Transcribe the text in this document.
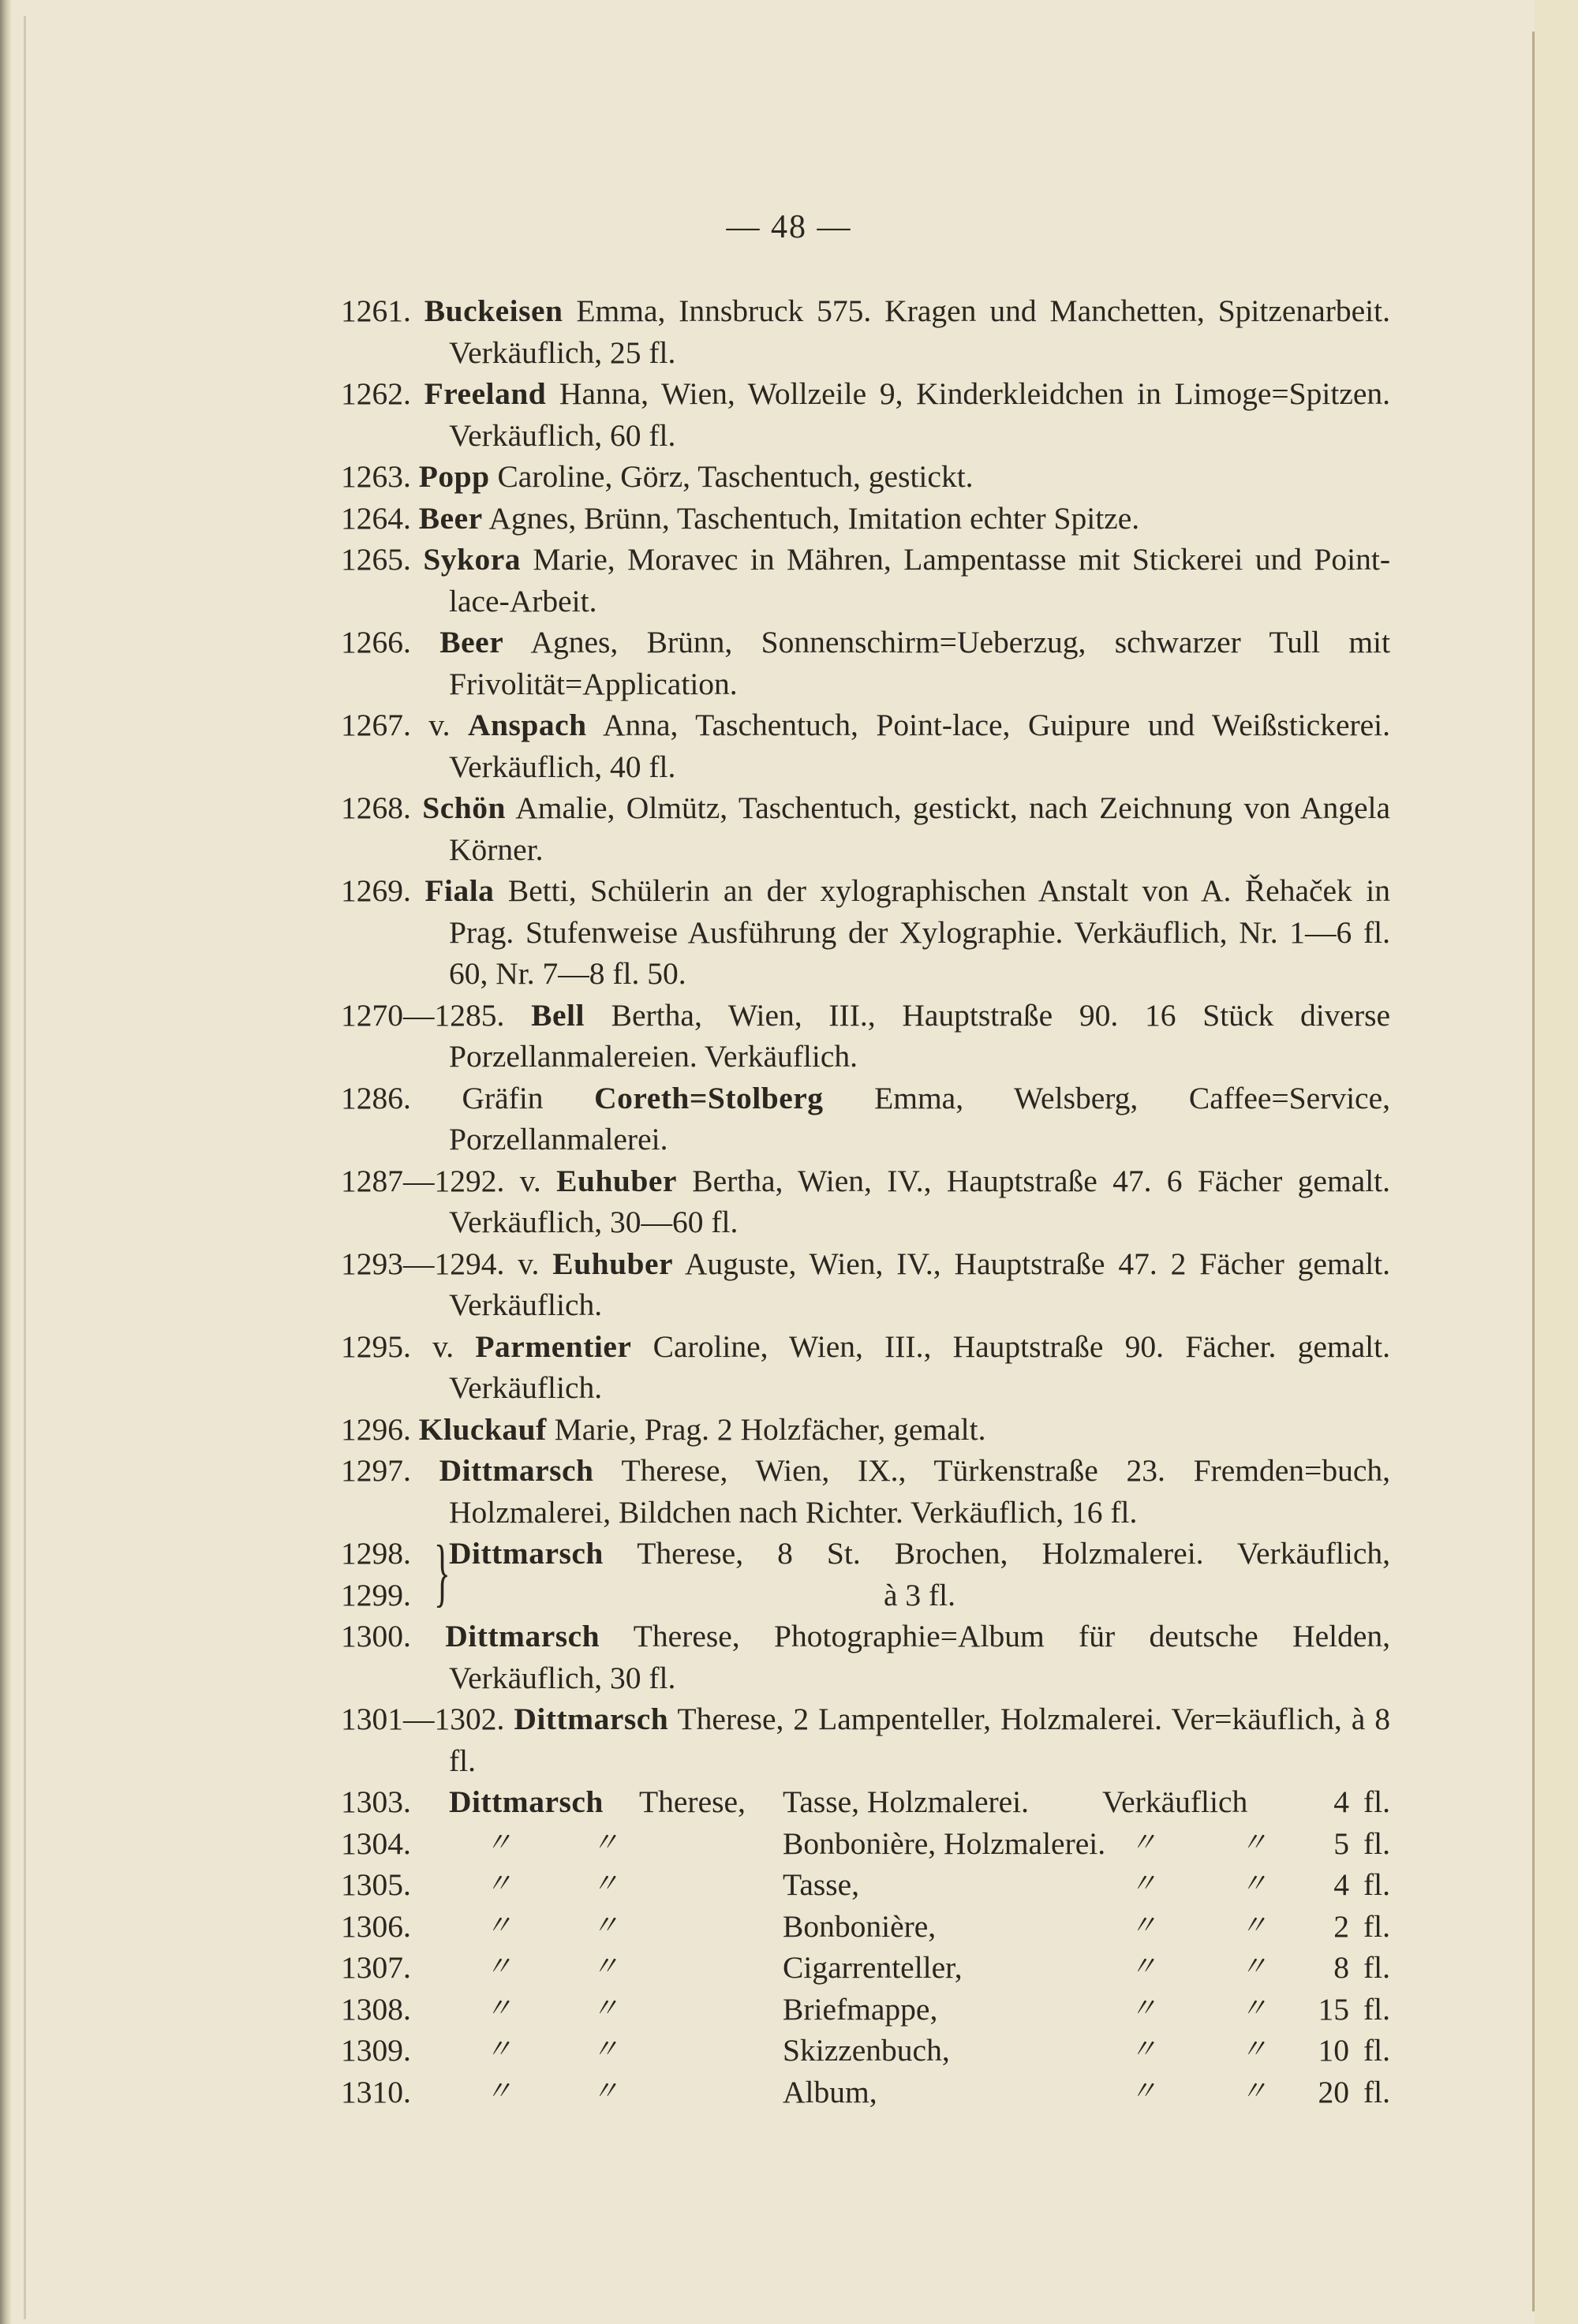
— 48 —
1261. Buckeisen Emma, Innsbruck 575. Kragen und Manchetten, Spitzenarbeit. Verkäuflich, 25 fl.
1262. Freeland Hanna, Wien, Wollzeile 9, Kinderkleidchen in Limoge=Spitzen. Verkäuflich, 60 fl.
1263. Popp Caroline, Görz, Taschentuch, gestickt.
1264. Beer Agnes, Brünn, Taschentuch, Imitation echter Spitze.
1265. Sykora Marie, Moravec in Mähren, Lampentasse mit Stickerei und Point-lace-Arbeit.
1266. Beer Agnes, Brünn, Sonnenschirm=Ueberzug, schwarzer Tull mit Frivolität=Application.
1267. v. Anspach Anna, Taschentuch, Point-lace, Guipure und Weißstickerei. Verkäuflich, 40 fl.
1268. Schön Amalie, Olmütz, Taschentuch, gestickt, nach Zeichnung von Angela Körner.
1269. Fiala Betti, Schülerin an der xylographischen Anstalt von A. Řehaček in Prag. Stufenweise Ausführung der Xylographie. Verkäuflich, Nr. 1—6 fl. 60, Nr. 7—8 fl. 50.
1270—1285. Bell Bertha, Wien, III., Hauptstraße 90. 16 Stück diverse Porzellanmalereien. Verkäuflich.
1286. Gräfin Coreth=Stolberg Emma, Welsberg, Caffee=Service, Porzellanmalerei.
1287—1292. v. Euhuber Bertha, Wien, IV., Hauptstraße 47. 6 Fächer gemalt. Verkäuflich, 30—60 fl.
1293—1294. v. Euhuber Auguste, Wien, IV., Hauptstraße 47. 2 Fächer gemalt. Verkäuflich.
1295. v. Parmentier Caroline, Wien, III., Hauptstraße 90. Fächer. gemalt. Verkäuflich.
1296. Kluckauf Marie, Prag. 2 Holzfächer, gemalt.
1297. Dittmarsch Therese, Wien, IX., Türkenstraße 23. Fremden=buch, Holzmalerei, Bildchen nach Richter. Verkäuflich, 16 fl.
1298.
1299. }
Dittmarsch Therese, 8 St. Brochen, Holzmalerei. Verkäuflich,
à 3 fl.
1300. Dittmarsch Therese, Photographie=Album für deutsche Helden, Verkäuflich, 30 fl.
1301—1302. Dittmarsch Therese, 2 Lampenteller, Holzmalerei. Ver=käuflich, à 8 fl.
1303. Dittmarsch Therese, Tasse, Holzmalerei. Verkäuflich	4 fl.
1304.	〃	〃	Bonbonière, Holzmalerei. 〃	〃 5 fl.
1305.	〃	〃	Tasse,	〃	〃 4 fl.
1306.	〃	〃	Bonbonière,	〃	〃 2 fl.
1307.	〃	〃	Cigarrenteller,	〃	〃 8 fl.
1308.	〃	〃	Briefmappe,	〃	〃 15 fl.
1309.	〃	〃	Skizzenbuch,	〃	〃 10 fl.
1310.	〃	〃	Album,	〃	〃 20 fl.
